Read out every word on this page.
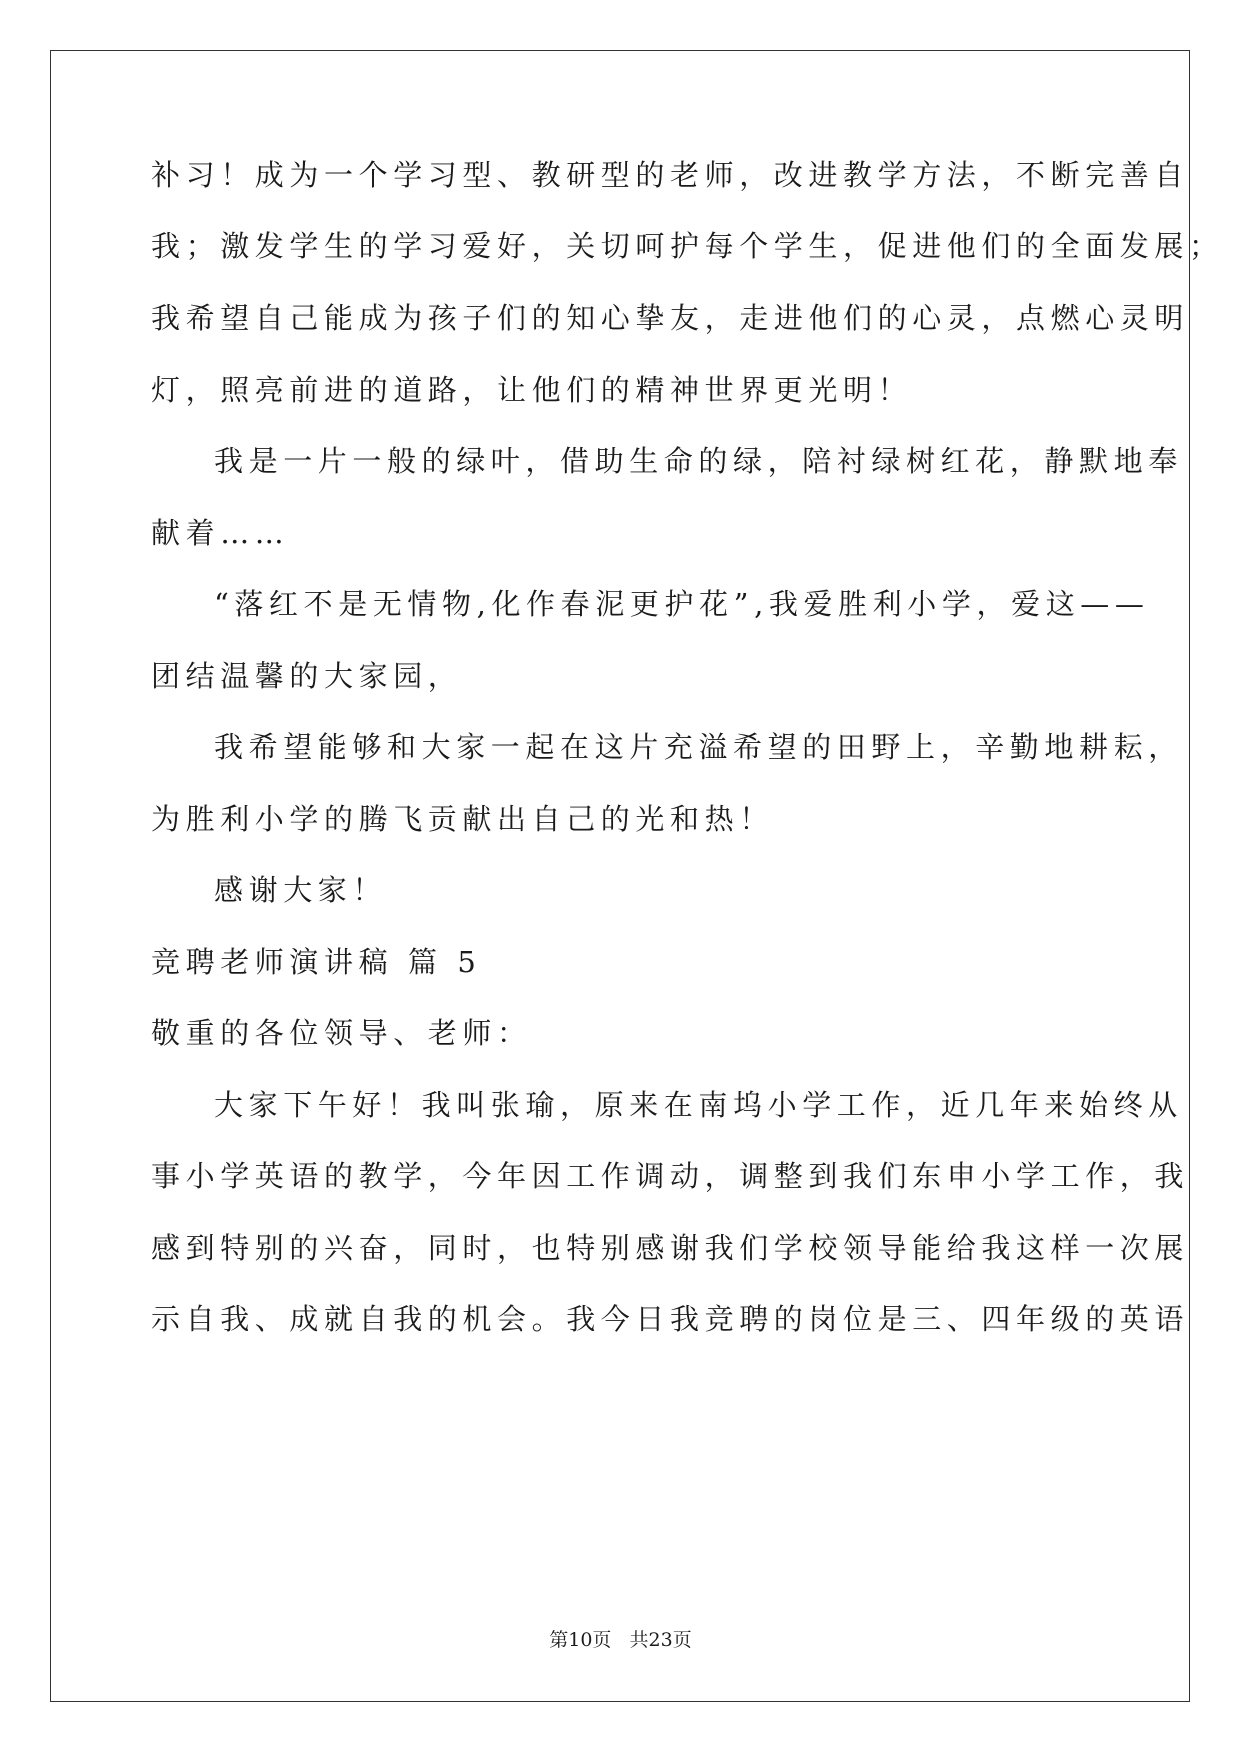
补习！成为一个学习型、教研型的老师，改进教学方法，不断完善自
我；激发学生的学习爱好，关切呵护每个学生，促进他们的全面发展；
我希望自己能成为孩子们的知心挚友，走进他们的心灵，点燃心灵明
灯，照亮前进的道路，让他们的精神世界更光明！
我是一片一般的绿叶，借助生命的绿，陪衬绿树红花，静默地奉
献着……
“落红不是无情物,化作春泥更护花”,我爱胜利小学，爱这——
团结温馨的大家园，
我希望能够和大家一起在这片充溢希望的田野上，辛勤地耕耘，
为胜利小学的腾飞贡献出自己的光和热！
感谢大家！
竞聘老师演讲稿 篇 5
敬重的各位领导、老师：
大家下午好！我叫张瑜，原来在南坞小学工作，近几年来始终从
事小学英语的教学，今年因工作调动，调整到我们东申小学工作，我
感到特别的兴奋，同时，也特别感谢我们学校领导能给我这样一次展
示自我、成就自我的机会。我今日我竞聘的岗位是三、四年级的英语
第10页   共23页
